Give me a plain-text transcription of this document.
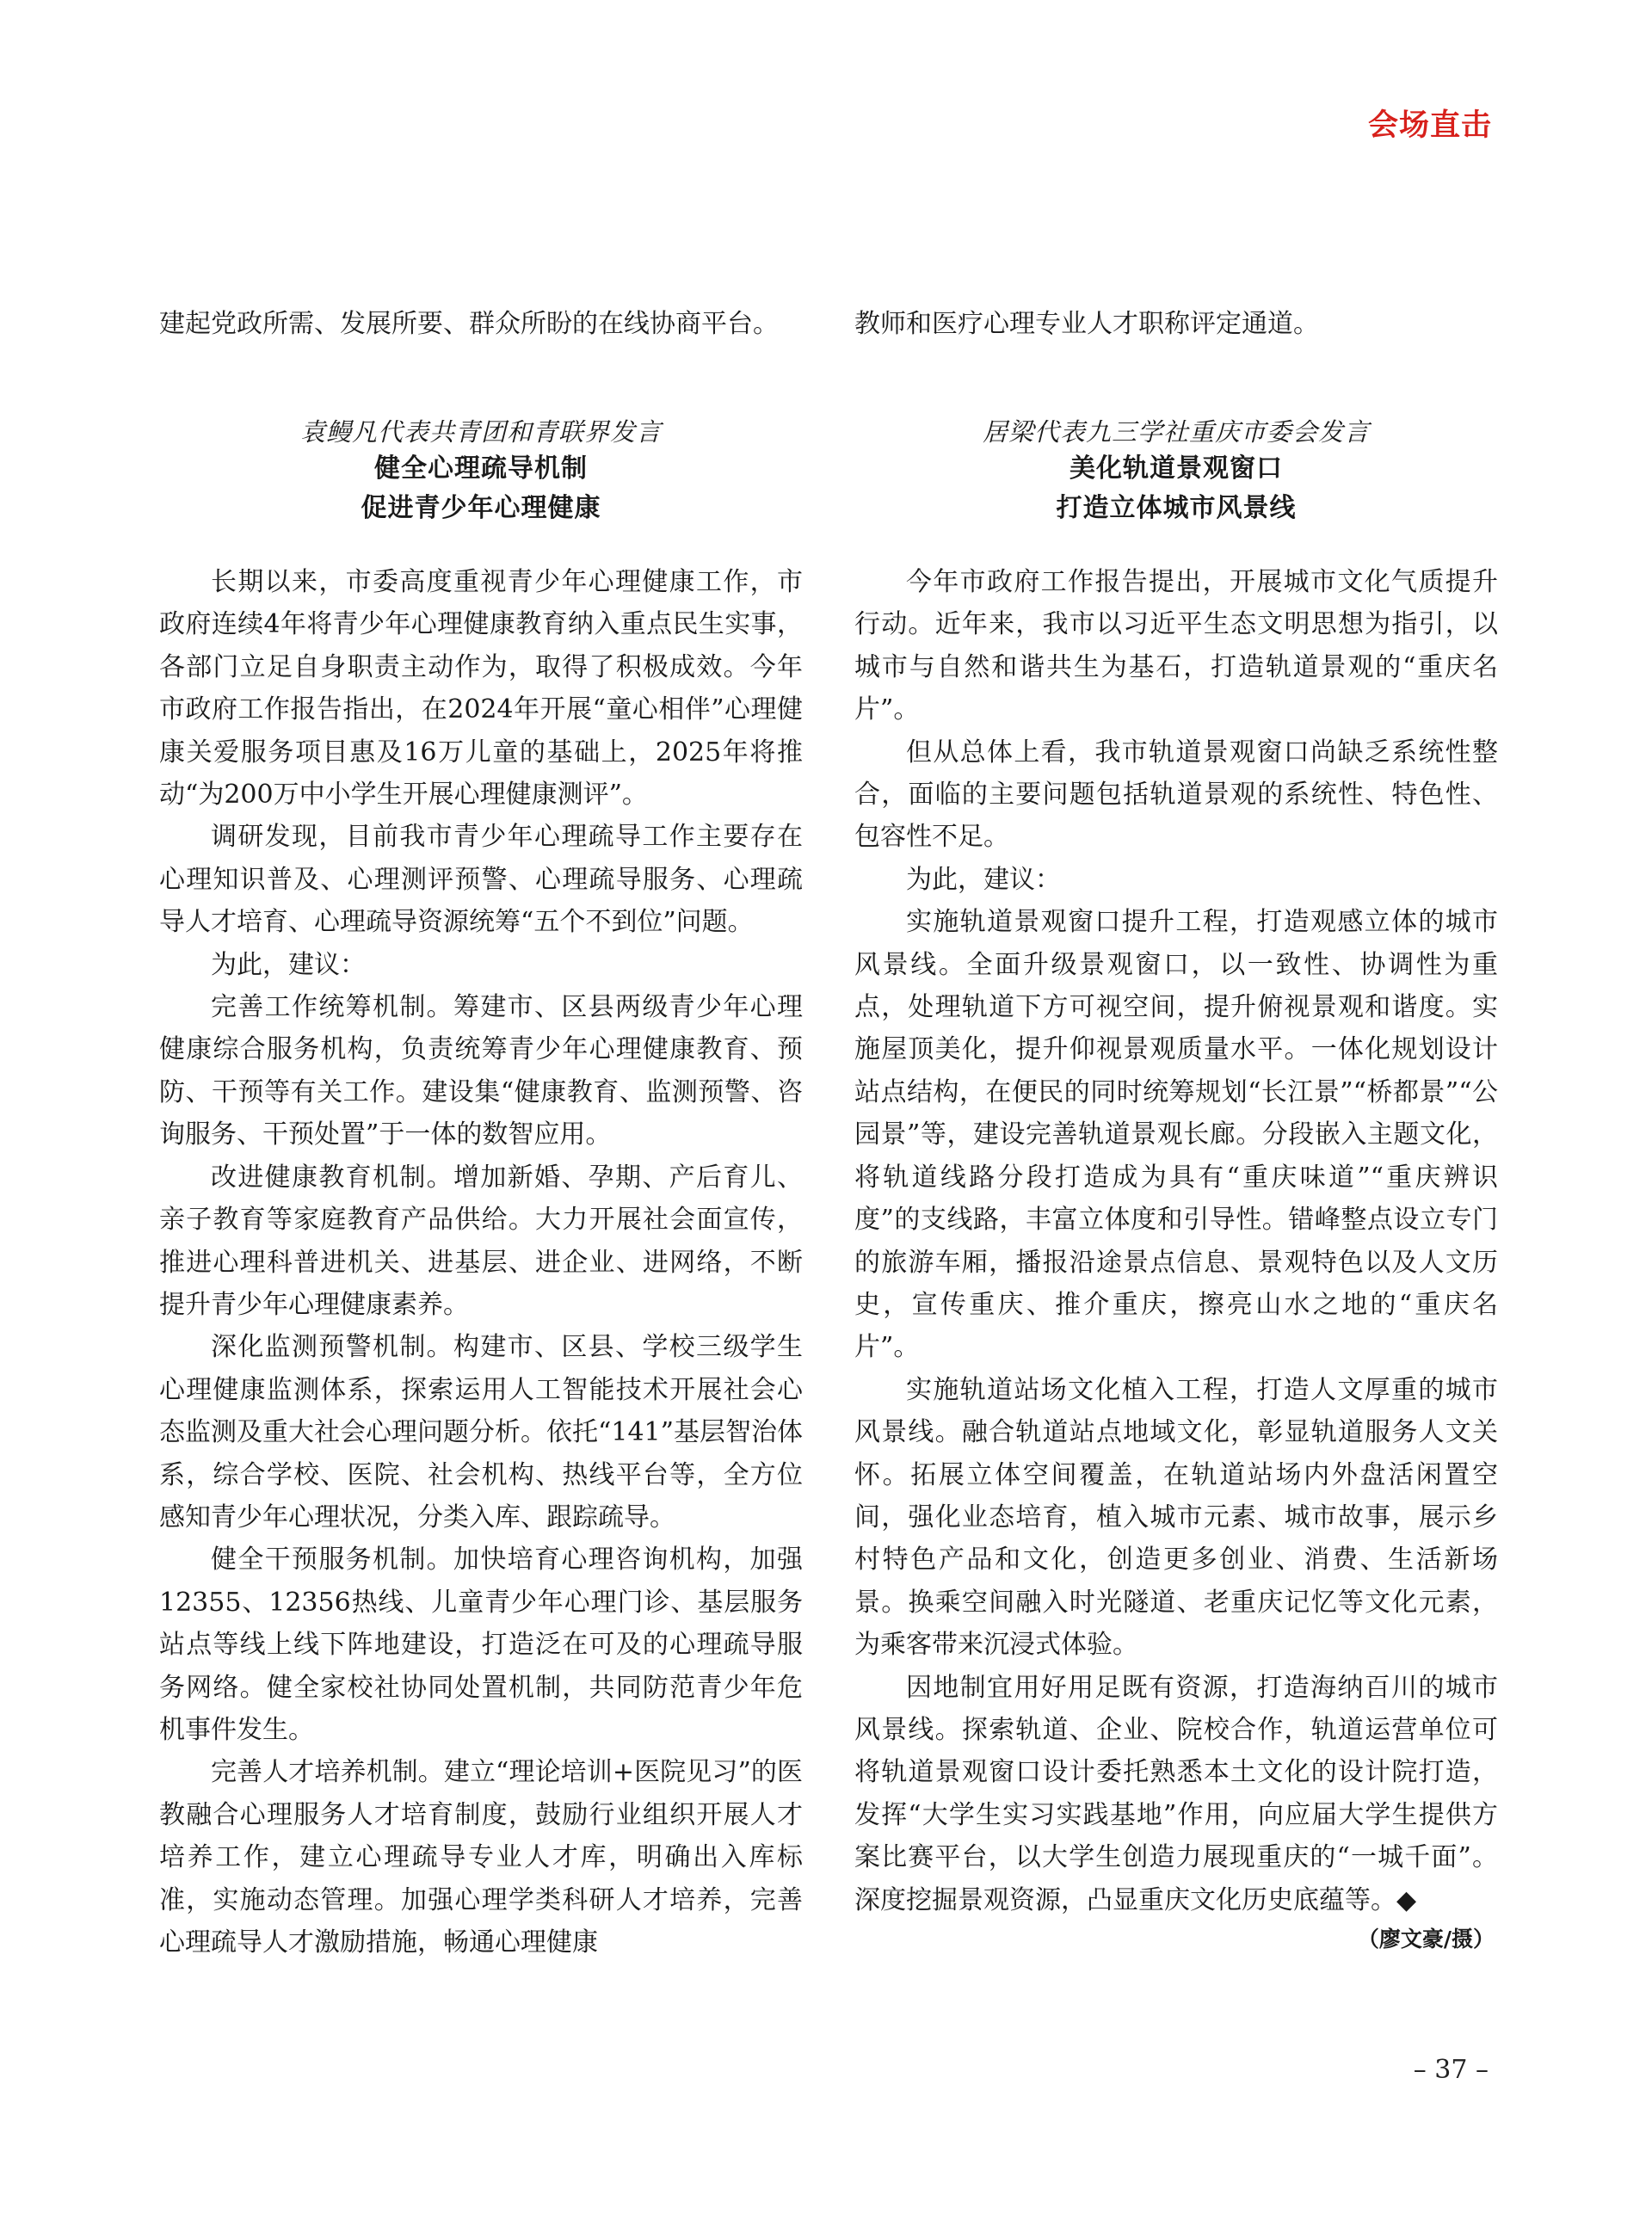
会场直击

建起党政所需、发展所要、群众所盼的在线协商平台。

袁鳗凡代表共青团和青联界发言
健全心理疏导机制
促进青少年心理健康

长期以来，市委高度重视青少年心理健康工作，市政府连续4年将青少年心理健康教育纳入重点民生实事，各部门立足自身职责主动作为，取得了积极成效。今年市政府工作报告指出，在2024年开展“童心相伴”心理健康关爱服务项目惠及16万儿童的基础上，2025年将推动“为200万中小学生开展心理健康测评”。

调研发现，目前我市青少年心理疏导工作主要存在心理知识普及、心理测评预警、心理疏导服务、心理疏导人才培育、心理疏导资源统筹“五个不到位”问题。

为此，建议：

完善工作统筹机制。筹建市、区县两级青少年心理健康综合服务机构，负责统筹青少年心理健康教育、预防、干预等有关工作。建设集“健康教育、监测预警、咨询服务、干预处置”于一体的数智应用。

改进健康教育机制。增加新婚、孕期、产后育儿、亲子教育等家庭教育产品供给。大力开展社会面宣传，推进心理科普进机关、进基层、进企业、进网络，不断提升青少年心理健康素养。

深化监测预警机制。构建市、区县、学校三级学生心理健康监测体系，探索运用人工智能技术开展社会心态监测及重大社会心理问题分析。依托“141”基层智治体系，综合学校、医院、社会机构、热线平台等，全方位感知青少年心理状况，分类入库、跟踪疏导。

健全干预服务机制。加快培育心理咨询机构，加强12355、12356热线、儿童青少年心理门诊、基层服务站点等线上线下阵地建设，打造泛在可及的心理疏导服务网络。健全家校社协同处置机制，共同防范青少年危机事件发生。

完善人才培养机制。建立“理论培训+医院见习”的医教融合心理服务人才培育制度，鼓励行业组织开展人才培养工作，建立心理疏导专业人才库，明确出入库标准，实施动态管理。加强心理学类科研人才培养，完善心理疏导人才激励措施，畅通心理健康

教师和医疗心理专业人才职称评定通道。

居梁代表九三学社重庆市委会发言
美化轨道景观窗口
打造立体城市风景线

今年市政府工作报告提出，开展城市文化气质提升行动。近年来，我市以习近平生态文明思想为指引，以城市与自然和谐共生为基石，打造轨道景观的“重庆名片”。

但从总体上看，我市轨道景观窗口尚缺乏系统性整合，面临的主要问题包括轨道景观的系统性、特色性、包容性不足。

为此，建议：

实施轨道景观窗口提升工程，打造观感立体的城市风景线。全面升级景观窗口，以一致性、协调性为重点，处理轨道下方可视空间，提升俯视景观和谐度。实施屋顶美化，提升仰视景观质量水平。一体化规划设计站点结构，在便民的同时统筹规划“长江景”“桥都景”“公园景”等，建设完善轨道景观长廊。分段嵌入主题文化，将轨道线路分段打造成为具有“重庆味道”“重庆辨识度”的支线路，丰富立体度和引导性。错峰整点设立专门的旅游车厢，播报沿途景点信息、景观特色以及人文历史，宣传重庆、推介重庆，擦亮山水之地的“重庆名片”。

实施轨道站场文化植入工程，打造人文厚重的城市风景线。融合轨道站点地域文化，彰显轨道服务人文关怀。拓展立体空间覆盖，在轨道站场内外盘活闲置空间，强化业态培育，植入城市元素、城市故事，展示乡村特色产品和文化，创造更多创业、消费、生活新场景。换乘空间融入时光隧道、老重庆记忆等文化元素，为乘客带来沉浸式体验。

因地制宜用好用足既有资源，打造海纳百川的城市风景线。探索轨道、企业、院校合作，轨道运营单位可将轨道景观窗口设计委托熟悉本土文化的设计院打造，发挥“大学生实习实践基地”作用，向应届大学生提供方案比赛平台，以大学生创造力展现重庆的“一城千面”。深度挖掘景观资源，凸显重庆文化历史底蕴等。◆

（廖文豪/摄）
– 37 –
